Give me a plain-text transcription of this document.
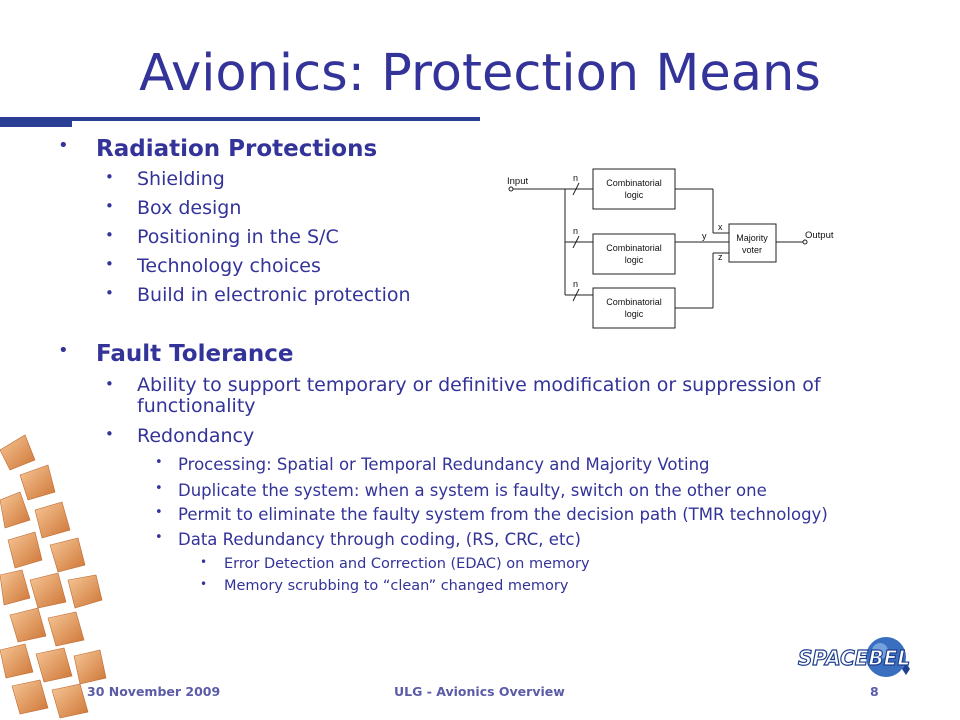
Avionics: Protection Means
• Radiation Protections
• Shielding
• Box design
• Positioning in the S/C
• Technology choices
• Build in electronic protection
• Fault Tolerance
• Ability to support temporary or definitive modification or suppression of functionality
• Redondancy
• Processing: Spatial or Temporal Redundancy and Majority Voting
• Duplicate the system: when a system is faulty, switch on the other one
• Permit to eliminate the faulty system from the decision path (TMR technology)
• Data Redundancy through coding, (RS, CRC, etc)
• Error Detection and Correction (EDAC) on memory
• Memory scrubbing to “clean” changed memory
Input
Output
n
n
n
Combinatorial
logic
Combinatorial
logic
Combinatorial
logic
Majority
voter
x
y
z
SPACEBEL
30 November 2009	ULG - Avionics Overview	8
